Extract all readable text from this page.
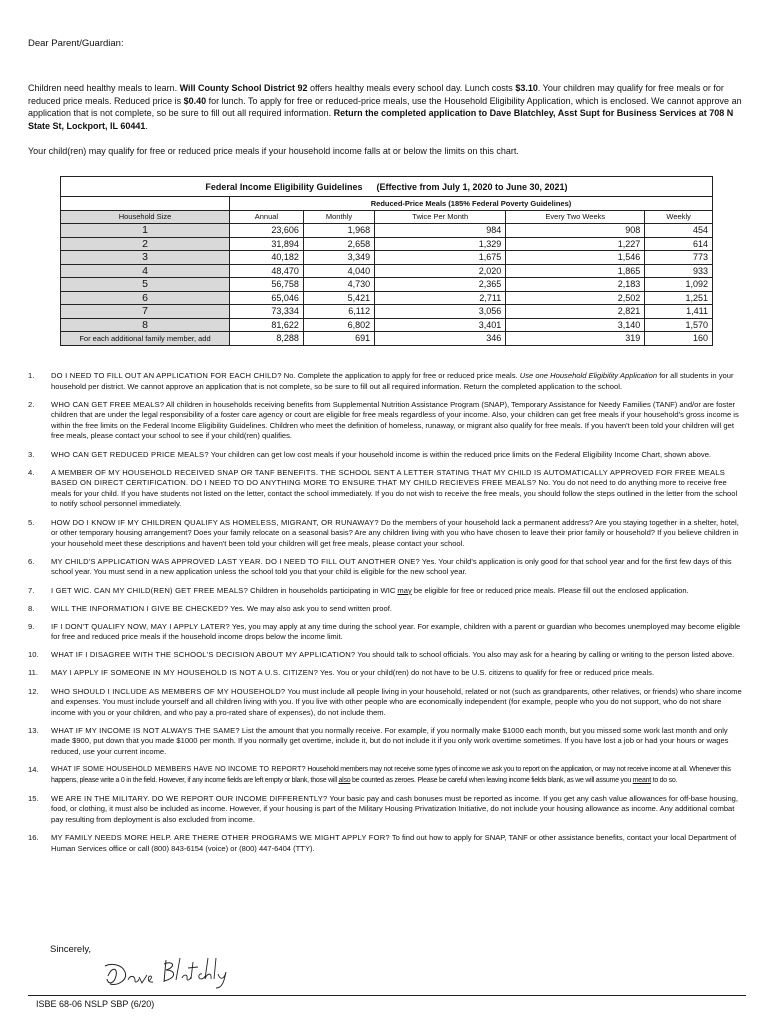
Dear Parent/Guardian:
Children need healthy meals to learn. Will County School District 92 offers healthy meals every school day. Lunch costs $3.10. Your children may qualify for free meals or for reduced price meals. Reduced price is $0.40 for lunch. To apply for free or reduced-price meals, use the Household Eligibility Application, which is enclosed. We cannot approve an application that is not complete, so be sure to fill out all required information. Return the completed application to Dave Blatchley, Asst Supt for Business Services at 708 N State St, Lockport, IL 60441.
Your child(ren) may qualify for free or reduced price meals if your household income falls at or below the limits on this chart.
Federal Income Eligibility Guidelines (Effective from July 1, 2020 to June 30, 2021)					
	Reduced-Price Meals (185% Federal Poverty Guidelines)				
Household Size	Annual	Monthly	Twice Per Month	Every Two Weeks	Weekly
1	23,606	1,968	984	908	454
2	31,894	2,658	1,329	1,227	614
3	40,182	3,349	1,675	1,546	773
4	48,470	4,040	2,020	1,865	933
5	56,758	4,730	2,365	2,183	1,092
6	65,046	5,421	2,711	2,502	1,251
7	73,334	6,112	3,056	2,821	1,411
8	81,622	6,802	3,401	3,140	1,570
For each additional family member, add	8,288	691	346	319	160
1.	DO I NEED TO FILL OUT AN APPLICATION FOR EACH CHILD? No. Complete the application to apply for free or reduced price meals. Use one Household Eligibility Application for all students in your household per district. We cannot approve an application that is not complete, so be sure to fill out all required information. Return the completed application to the school.
2.	WHO CAN GET FREE MEALS? All children in households receiving benefits from Supplemental Nutrition Assistance Program (SNAP), Temporary Assistance for Needy Families (TANF) and/or are foster children that are under the legal responsibility of a foster care agency or court are eligible for free meals regardless of your income. Also, your children can get free meals if your household's gross income is within the free limits on the Federal Income Eligibility Guidelines. Children who meet the definition of homeless, runaway, or migrant also qualify for free meals. If you haven't been told your children will get free meals, please contact your school to see if your child(ren) qualifies.
3.	WHO CAN GET REDUCED PRICE MEALS? Your children can get low cost meals if your household income is within the reduced price limits on the Federal Eligibility Income Chart, shown above.
4.	A MEMBER OF MY HOUSEHOLD RECEIVED SNAP OR TANF BENEFITS. THE SCHOOL SENT A LETTER STATING THAT MY CHILD IS AUTOMATICALLY APPROVED FOR FREE MEALS BASED ON DIRECT CERTIFICATION. DO I NEED TO DO ANYTHING MORE TO ENSURE THAT MY CHILD RECIEVES FREE MEALS? No. You do not need to do anything more to receive free meals for your child. If you have students not listed on the letter, contact the school immediately. If you do not wish to receive the free meals, you should follow the steps outlined in the letter from the school to notify school personnel immediately.
5.	HOW DO I KNOW IF MY CHILDREN QUALIFY AS HOMELESS, MIGRANT, OR RUNAWAY? Do the members of your household lack a permanent address? Are you staying together in a shelter, hotel, or other temporary housing arrangement? Does your family relocate on a seasonal basis? Are any children living with you who have chosen to leave their prior family or household? If you believe children in your household meet these descriptions and haven't been told your children will get free meals, please contact your school.
6.	MY CHILD'S APPLICATION WAS APPROVED LAST YEAR. DO I NEED TO FILL OUT ANOTHER ONE? Yes. Your child's application is only good for that school year and for the first few days of this school year. You must send in a new application unless the school told you that your child is eligible for the new school year.
7.	I GET WIC. CAN MY CHILD(REN) GET FREE MEALS? Children in households participating in WIC may be eligible for free or reduced price meals. Please fill out the enclosed application.
8.	WILL THE INFORMATION I GIVE BE CHECKED? Yes. We may also ask you to send written proof.
9.	IF I DON'T QUALIFY NOW, MAY I APPLY LATER? Yes, you may apply at any time during the school year. For example, children with a parent or guardian who becomes unemployed may become eligible for free and reduced price meals if the household income drops below the income limit.
10.	WHAT IF I DISAGREE WITH THE SCHOOL'S DECISION ABOUT MY APPLICATION? You should talk to school officials. You also may ask for a hearing by calling or writing to the person listed above.
11.	MAY I APPLY IF SOMEONE IN MY HOUSEHOLD IS NOT A U.S. CITIZEN? Yes. You or your child(ren) do not have to be U.S. citizens to qualify for free or reduced price meals.
12.	WHO SHOULD I INCLUDE AS MEMBERS OF MY HOUSEHOLD? You must include all people living in your household, related or not (such as grandparents, other relatives, or friends) who share income and expenses. You must include yourself and all children living with you. If you live with other people who are economically independent (for example, people who you do not support, who do not share income with you or your children, and who pay a pro-rated share of expenses), do not include them.
13.	WHAT IF MY INCOME IS NOT ALWAYS THE SAME? List the amount that you normally receive. For example, if you normally make $1000 each month, but you missed some work last month and only made $900, put down that you made $1000 per month. If you normally get overtime, include it, but do not include it if you only work overtime sometimes. If you have lost a job or had your hours or wages reduced, use your current income.
14.	WHAT IF SOME HOUSEHOLD MEMBERS HAVE NO INCOME TO REPORT? Household members may not receive some types of income we ask you to report on the application, or may not receive income at all. Whenever this happens, please write a 0 in the field. However, if any income fields are left empty or blank, those will also be counted as zeroes. Please be careful when leaving income fields blank, as we will assume you meant to do so.
15.	WE ARE IN THE MILITARY. DO WE REPORT OUR INCOME DIFFERENTLY? Your basic pay and cash bonuses must be reported as income. If you get any cash value allowances for off-base housing, food, or clothing, it must also be included as income. However, if your housing is part of the Military Housing Privatization Initiative, do not include your housing allowance as income. Any additional combat pay resulting from deployment is also excluded from income.
16.	MY FAMILY NEEDS MORE HELP. ARE THERE OTHER PROGRAMS WE MIGHT APPLY FOR? To find out how to apply for SNAP, TANF or other assistance benefits, contact your local Department of Human Services office or call (800) 843-6154 (voice) or (800) 447-6404 (TTY).
Sincerely,
ISBE 68-06 NSLP SBP (6/20)
